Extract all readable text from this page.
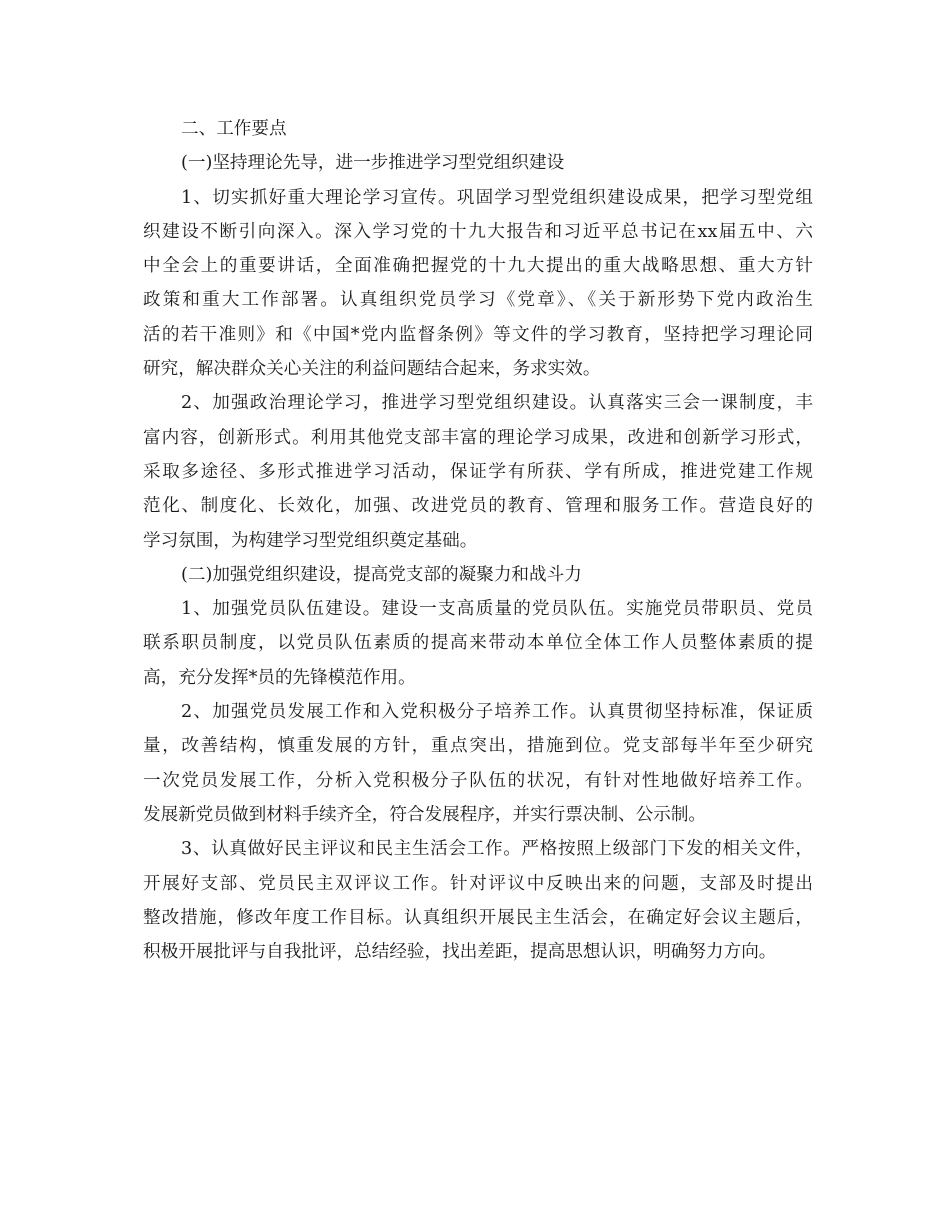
二、工作要点

(一)坚持理论先导，进一步推进学习型党组织建设

1、切实抓好重大理论学习宣传。巩固学习型党组织建设成果，把学习型党组
织建设不断引向深入。深入学习党的十九大报告和习近平总书记在xx届五中、六
中全会上的重要讲话，全面准确把握党的十九大提出的重大战略思想、重大方针
政策和重大工作部署。认真组织党员学习《党章》、《关于新形势下党内政治生
活的若干准则》和《中国*党内监督条例》等文件的学习教育，坚持把学习理论同
研究，解决群众关心关注的利益问题结合起来，务求实效。

2、加强政治理论学习，推进学习型党组织建设。认真落实三会一课制度，丰
富内容，创新形式。利用其他党支部丰富的理论学习成果，改进和创新学习形式，
采取多途径、多形式推进学习活动，保证学有所获、学有所成，推进党建工作规
范化、制度化、长效化，加强、改进党员的教育、管理和服务工作。营造良好的
学习氛围，为构建学习型党组织奠定基础。

(二)加强党组织建设，提高党支部的凝聚力和战斗力

1、加强党员队伍建设。建设一支高质量的党员队伍。实施党员带职员、党员
联系职员制度，以党员队伍素质的提高来带动本单位全体工作人员整体素质的提
高，充分发挥*员的先锋模范作用。

2、加强党员发展工作和入党积极分子培养工作。认真贯彻坚持标准，保证质
量，改善结构，慎重发展的方针，重点突出，措施到位。党支部每半年至少研究
一次党员发展工作，分析入党积极分子队伍的状况，有针对性地做好培养工作。
发展新党员做到材料手续齐全，符合发展程序，并实行票决制、公示制。

3、认真做好民主评议和民主生活会工作。严格按照上级部门下发的相关文件，
开展好支部、党员民主双评议工作。针对评议中反映出来的问题，支部及时提出
整改措施，修改年度工作目标。认真组织开展民主生活会，在确定好会议主题后，
积极开展批评与自我批评，总结经验，找出差距，提高思想认识，明确努力方向。
